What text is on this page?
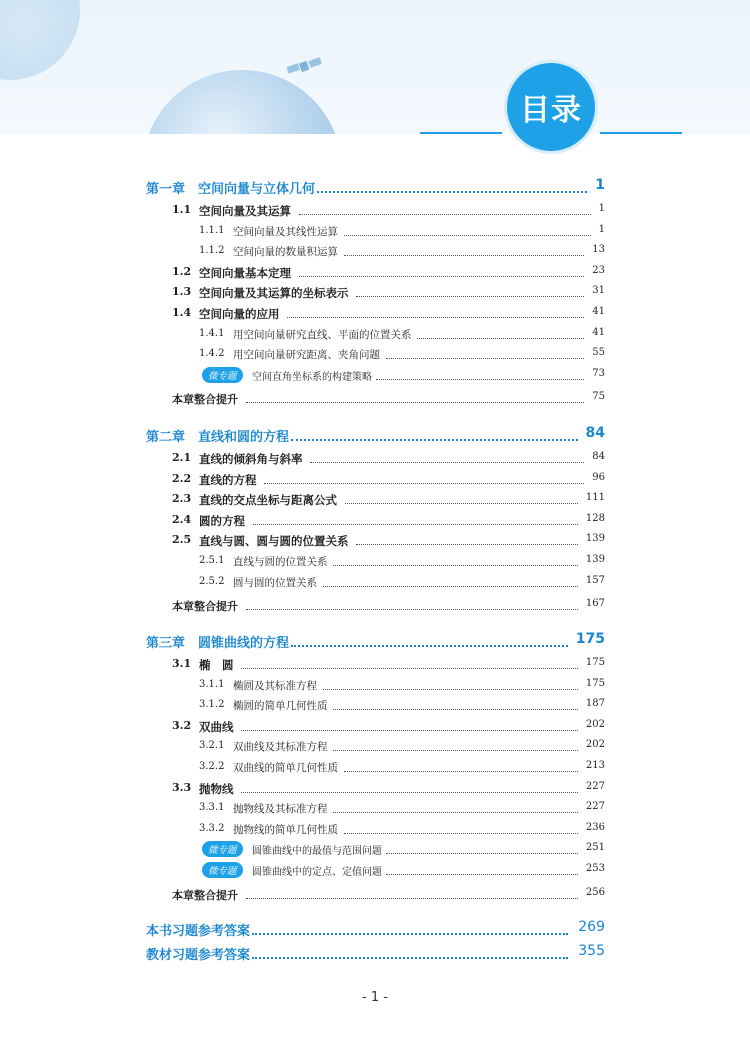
目录
第一章　空间向量与立体几何	1
1.1 空间向量及其运算	1
1.1.1 空间向量及其线性运算	1
1.1.2 空间向量的数量积运算	13
1.2 空间向量基本定理	23
1.3 空间向量及其运算的坐标表示	31
1.4 空间向量的应用	41
1.4.1 用空间向量研究直线、平面的位置关系	41
1.4.2 用空间向量研究距离、夹角问题	55
微专题	空间直角坐标系的构建策略	73
本章整合提升	75
第二章　直线和圆的方程	84
2.1 直线的倾斜角与斜率	84
2.2 直线的方程	96
2.3 直线的交点坐标与距离公式	111
2.4 圆的方程	128
2.5 直线与圆、圆与圆的位置关系	139
2.5.1 直线与圆的位置关系	139
2.5.2 圆与圆的位置关系	157
本章整合提升	167
第三章　圆锥曲线的方程	175
3.1 椭　圆	175
3.1.1 椭圆及其标准方程	175
3.1.2 椭圆的简单几何性质	187
3.2 双曲线	202
3.2.1 双曲线及其标准方程	202
3.2.2 双曲线的简单几何性质	213
3.3 抛物线	227
3.3.1 抛物线及其标准方程	227
3.3.2 抛物线的简单几何性质	236
微专题	圆锥曲线中的最值与范围问题	251
微专题	圆锥曲线中的定点、定值问题	253
本章整合提升	256
本书习题参考答案	269
教材习题参考答案	355
- 1 -
